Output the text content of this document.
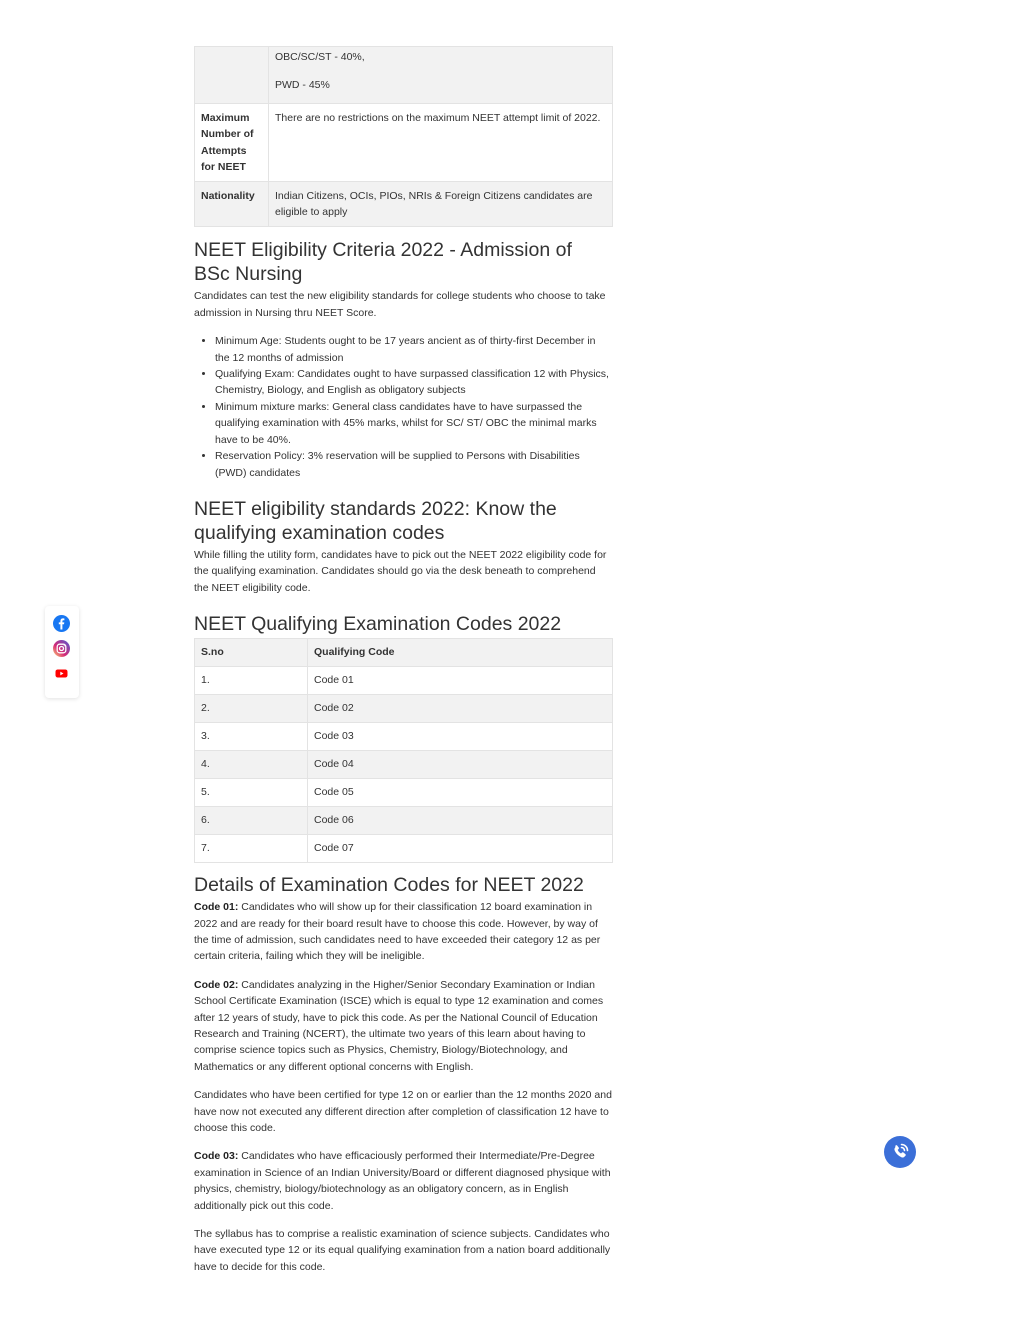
	OBC/SC/ST - 40%,

PWD - 45%

Maximum Number of Attempts for NEET	There are no restrictions on the maximum NEET attempt limit of 2022.
Nationality	Indian Citizens, OCIs, PIOs, NRIs & Foreign Citizens candidates are eligible to apply
NEET Eligibility Criteria 2022 - Admission of BSc Nursing

Candidates can test the new eligibility standards for college students who choose to take admission in Nursing thru NEET Score.

• Minimum Age: Students ought to be 17 years ancient as of thirty-first December in the 12 months of admission
• Qualifying Exam: Candidates ought to have surpassed classification 12 with Physics, Chemistry, Biology, and English as obligatory subjects
• Minimum mixture marks: General class candidates have to have surpassed the qualifying examination with 45% marks, whilst for SC/ ST/ OBC the minimal marks have to be 40%.
• Reservation Policy: 3% reservation will be supplied to Persons with Disabilities (PWD) candidates
NEET eligibility standards 2022: Know the qualifying examination codes

While filling the utility form, candidates have to pick out the NEET 2022 eligibility code for the qualifying examination. Candidates should go via the desk beneath to comprehend the NEET eligibility code.

NEET Qualifying Examination Codes 2022
S.no	Qualifying Code
1.	Code 01
2.	Code 02
3.	Code 03
4.	Code 04
5.	Code 05
6.	Code 06
7.	Code 07
Details of Examination Codes for NEET 2022

Code 01: Candidates who will show up for their classification 12 board examination in 2022 and are ready for their board result have to choose this code. However, by way of the time of admission, such candidates need to have exceeded their category 12 as per certain criteria, failing which they will be ineligible.

Code 02: Candidates analyzing in the Higher/Senior Secondary Examination or Indian School Certificate Examination (ISCE) which is equal to type 12 examination and comes after 12 years of study, have to pick this code. As per the National Council of Education Research and Training (NCERT), the ultimate two years of this learn about having to comprise science topics such as Physics, Chemistry, Biology/Biotechnology, and Mathematics or any different optional concerns with English.

Candidates who have been certified for type 12 on or earlier than the 12 months 2020 and have now not executed any different direction after completion of classification 12 have to choose this code.

Code 03: Candidates who have efficaciously performed their Intermediate/Pre-Degree examination in Science of an Indian University/Board or different diagnosed physique with physics, chemistry, biology/biotechnology as an obligatory concern, as in English additionally pick out this code.

The syllabus has to comprise a realistic examination of science subjects. Candidates who have executed type 12 or its equal qualifying examination from a nation board additionally have to decide for this code.
